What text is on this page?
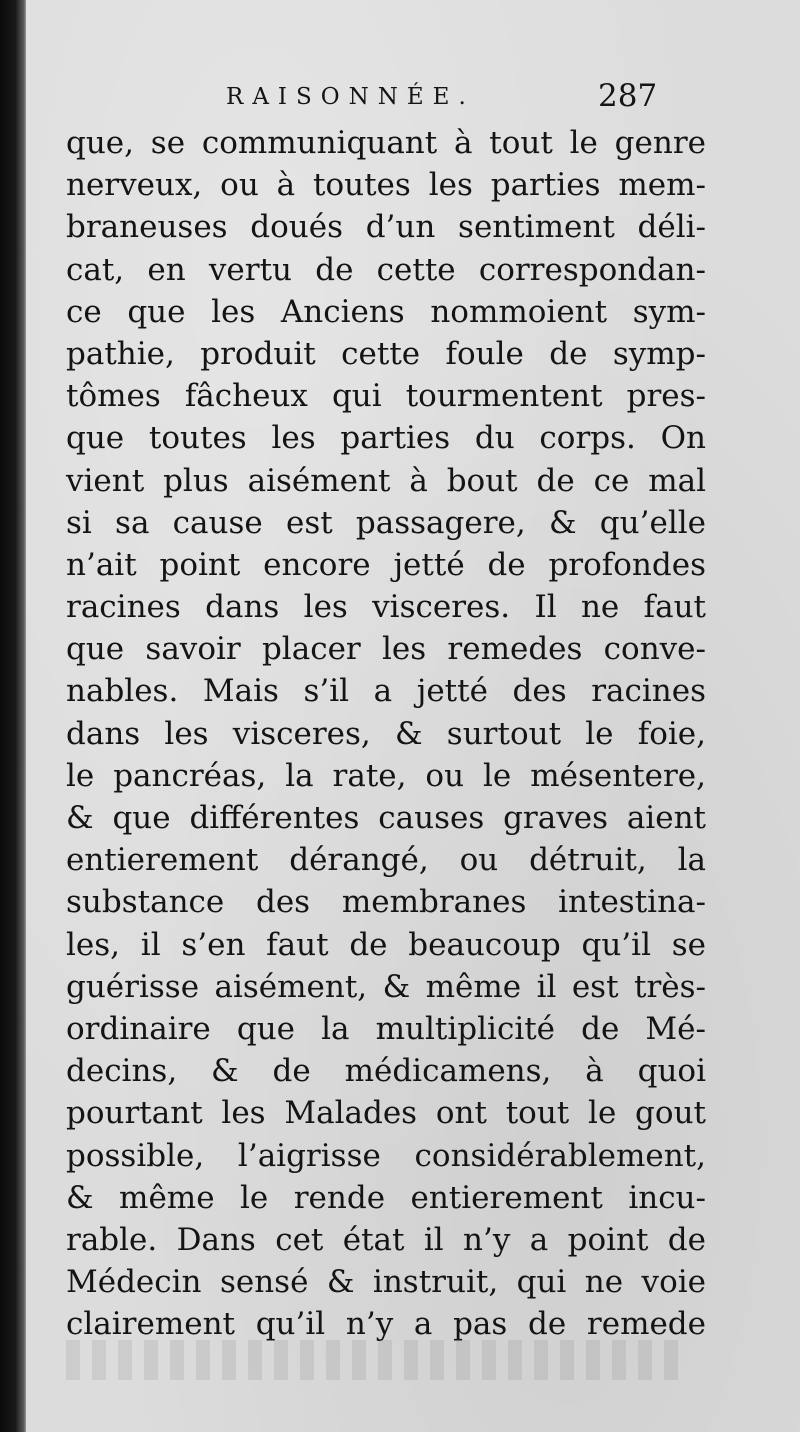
RAISONNÉE.	287
que, se communiquant à tout le genre
nerveux, ou à toutes les parties mem-
braneuses doués d’un sentiment déli-
cat, en vertu de cette correspondan-
ce que les Anciens nommoient sym-
pathie, produit cette foule de symp-
tômes fâcheux qui tourmentent pres-
que toutes les parties du corps. On
vient plus aisément à bout de ce mal
si sa cause est passagere, & qu’elle
n’ait point encore jetté de profondes
racines dans les visceres. Il ne faut
que savoir placer les remedes conve-
nables. Mais s’il a jetté des racines
dans les visceres, & surtout le foie,
le pancréas, la rate, ou le mésentere,
& que différentes causes graves aient
entierement dérangé, ou détruit, la
substance des membranes intestina-
les, il s’en faut de beaucoup qu’il se
guérisse aisément, & même il est très-
ordinaire que la multiplicité de Mé-
decins, & de médicamens, à quoi
pourtant les Malades ont tout le gout
possible, l’aigrisse considérablement,
& même le rende entierement incu-
rable. Dans cet état il n’y a point de
Médecin sensé & instruit, qui ne voie
clairement qu’il n’y a pas de remede
